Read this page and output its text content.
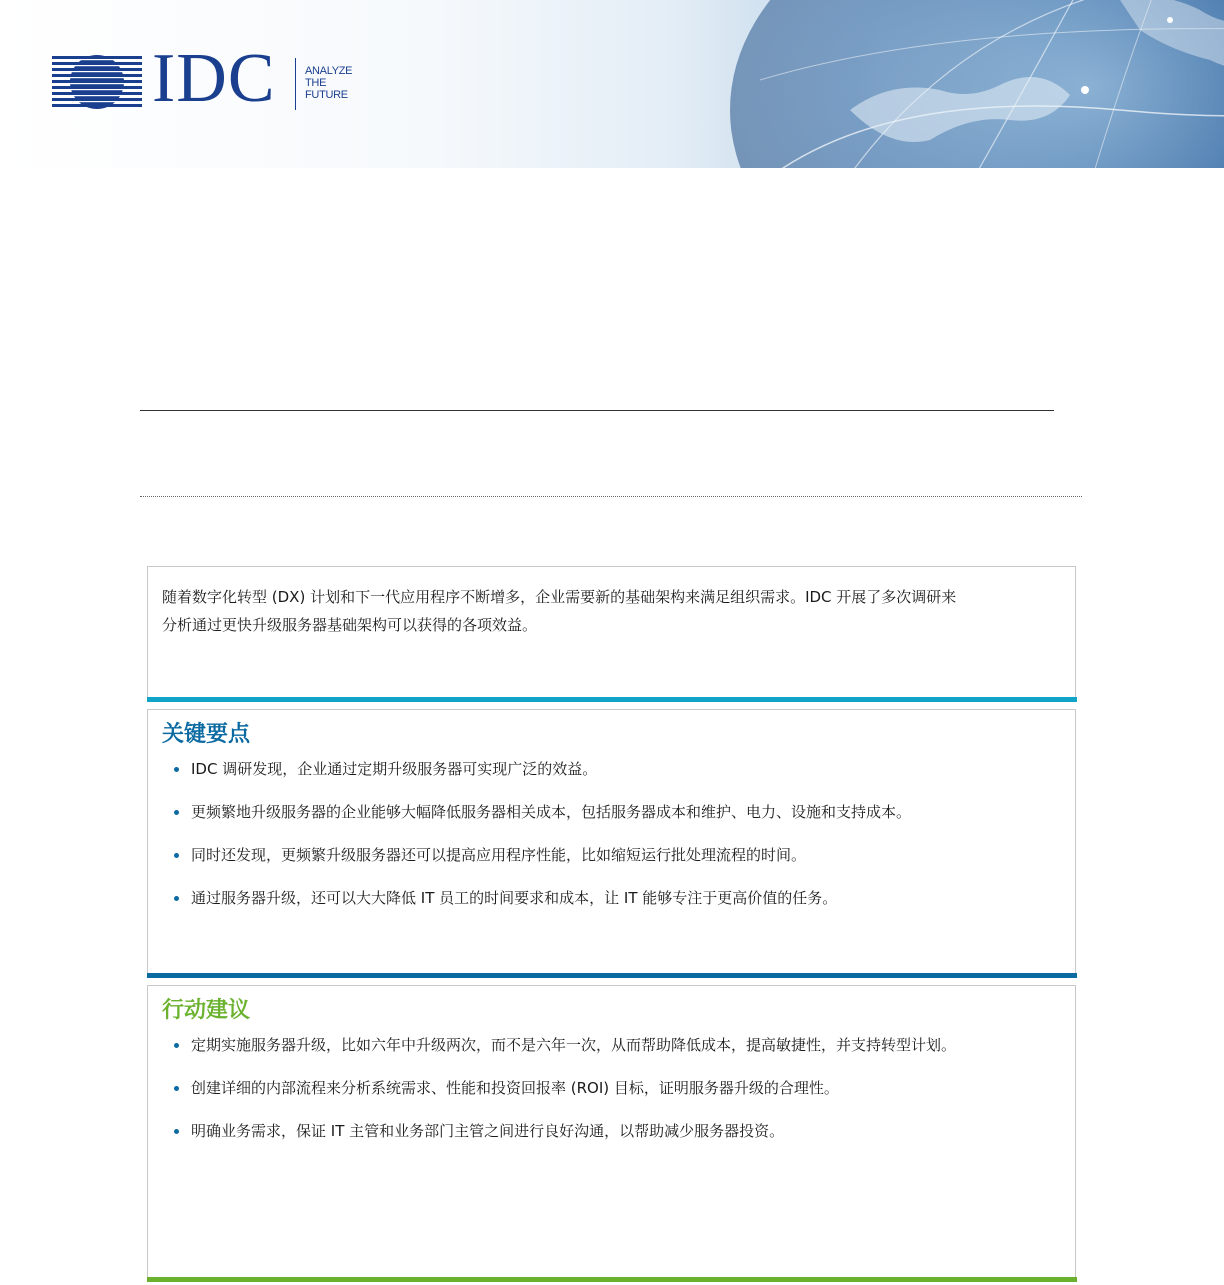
IDC	ANALYZE
THE
FUTURE

随着数字化转型 (DX) 计划和下一代应用程序不断增多，企业需要新的基础架构来满足组织需求。IDC 开展了多次调研来

分析通过更快升级服务器基础架构可以获得的各项效益。

关键要点
IDC 调研发现，企业通过定期升级服务器可实现广泛的效益。
更频繁地升级服务器的企业能够大幅降低服务器相关成本，包括服务器成本和维护、电力、设施和支持成本。
同时还发现，更频繁升级服务器还可以提高应用程序性能，比如缩短运行批处理流程的时间。
通过服务器升级，还可以大大降低 IT 员工的时间要求和成本，让 IT 能够专注于更高价值的任务。
行动建议
定期实施服务器升级，比如六年中升级两次，而不是六年一次，从而帮助降低成本，提高敏捷性，并支持转型计划。
创建详细的内部流程来分析系统需求、性能和投资回报率 (ROI) 目标，证明服务器升级的合理性。
明确业务需求，保证 IT 主管和业务部门主管之间进行良好沟通，以帮助减少服务器投资。
